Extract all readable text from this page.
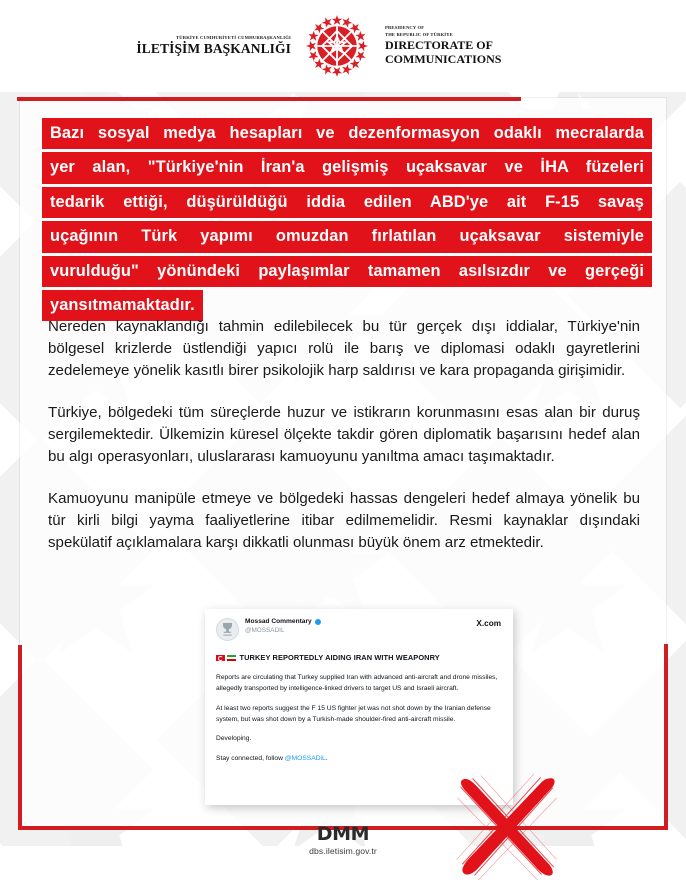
TÜRKİYE CUMHURİYETİ CUMHURBAŞKANLIĞI
İLETİŞİM BAŞKANLIĞI
PRESIDENCY OF
THE REPUBLIC OF TÜRKİYE
DIRECTORATE OF
COMMUNICATIONS
Bazı sosyal medya hesapları ve dezenformasyon odaklı mecralarda
yer alan, "Türkiye'nin İran'a gelişmiş uçaksavar ve İHA füzeleri
tedarik ettiği, düşürüldüğü iddia edilen ABD'ye ait F-15 savaş
uçağının Türk yapımı omuzdan fırlatılan uçaksavar sistemiyle
vurulduğu" yönündeki paylaşımlar tamamen asılsızdır ve gerçeği
yansıtmamaktadır.

Nereden kaynaklandığı tahmin edilebilecek bu tür gerçek dışı iddialar, Türkiye'nin bölgesel krizlerde üstlendiği yapıcı rolü ile barış ve diplomasi odaklı gayretlerini zedelemeye yönelik kasıtlı birer psikolojik harp saldırısı ve kara propaganda girişimidir.

Türkiye, bölgedeki tüm süreçlerde huzur ve istikrarın korunmasını esas alan bir duruş sergilemektedir. Ülkemizin küresel ölçekte takdir gören diplomatik başarısını hedef alan bu algı operasyonları, uluslararası kamuoyunu yanıltma amacı taşımaktadır.

Kamuoyunu manipüle etmeye ve bölgedeki hassas dengeleri hedef almaya yönelik bu tür kirli bilgi yayma faaliyetlerine itibar edilmemelidir. Resmi kaynaklar dışındaki spekülatif açıklamalara karşı dikkatli olunması büyük önem arz etmektedir.

Mossad Commentary
@MOSSADIL
X.com
TURKEY REPORTEDLY AIDING IRAN WITH WEAPONRY

Reports are circulating that Turkey supplied Iran with advanced anti-aircraft and drone missiles, allegedly transported by intelligence-linked drivers to target US and Israeli aircraft.

At least two reports suggest the F 15 US fighter jet was not shot down by the Iranian defense system, but was shot down by a Turkish-made shoulder-fired anti-aircraft missile.

Developing.

Stay connected, follow @MOSSADiL.

DMM
dbs.iletisim.gov.tr
